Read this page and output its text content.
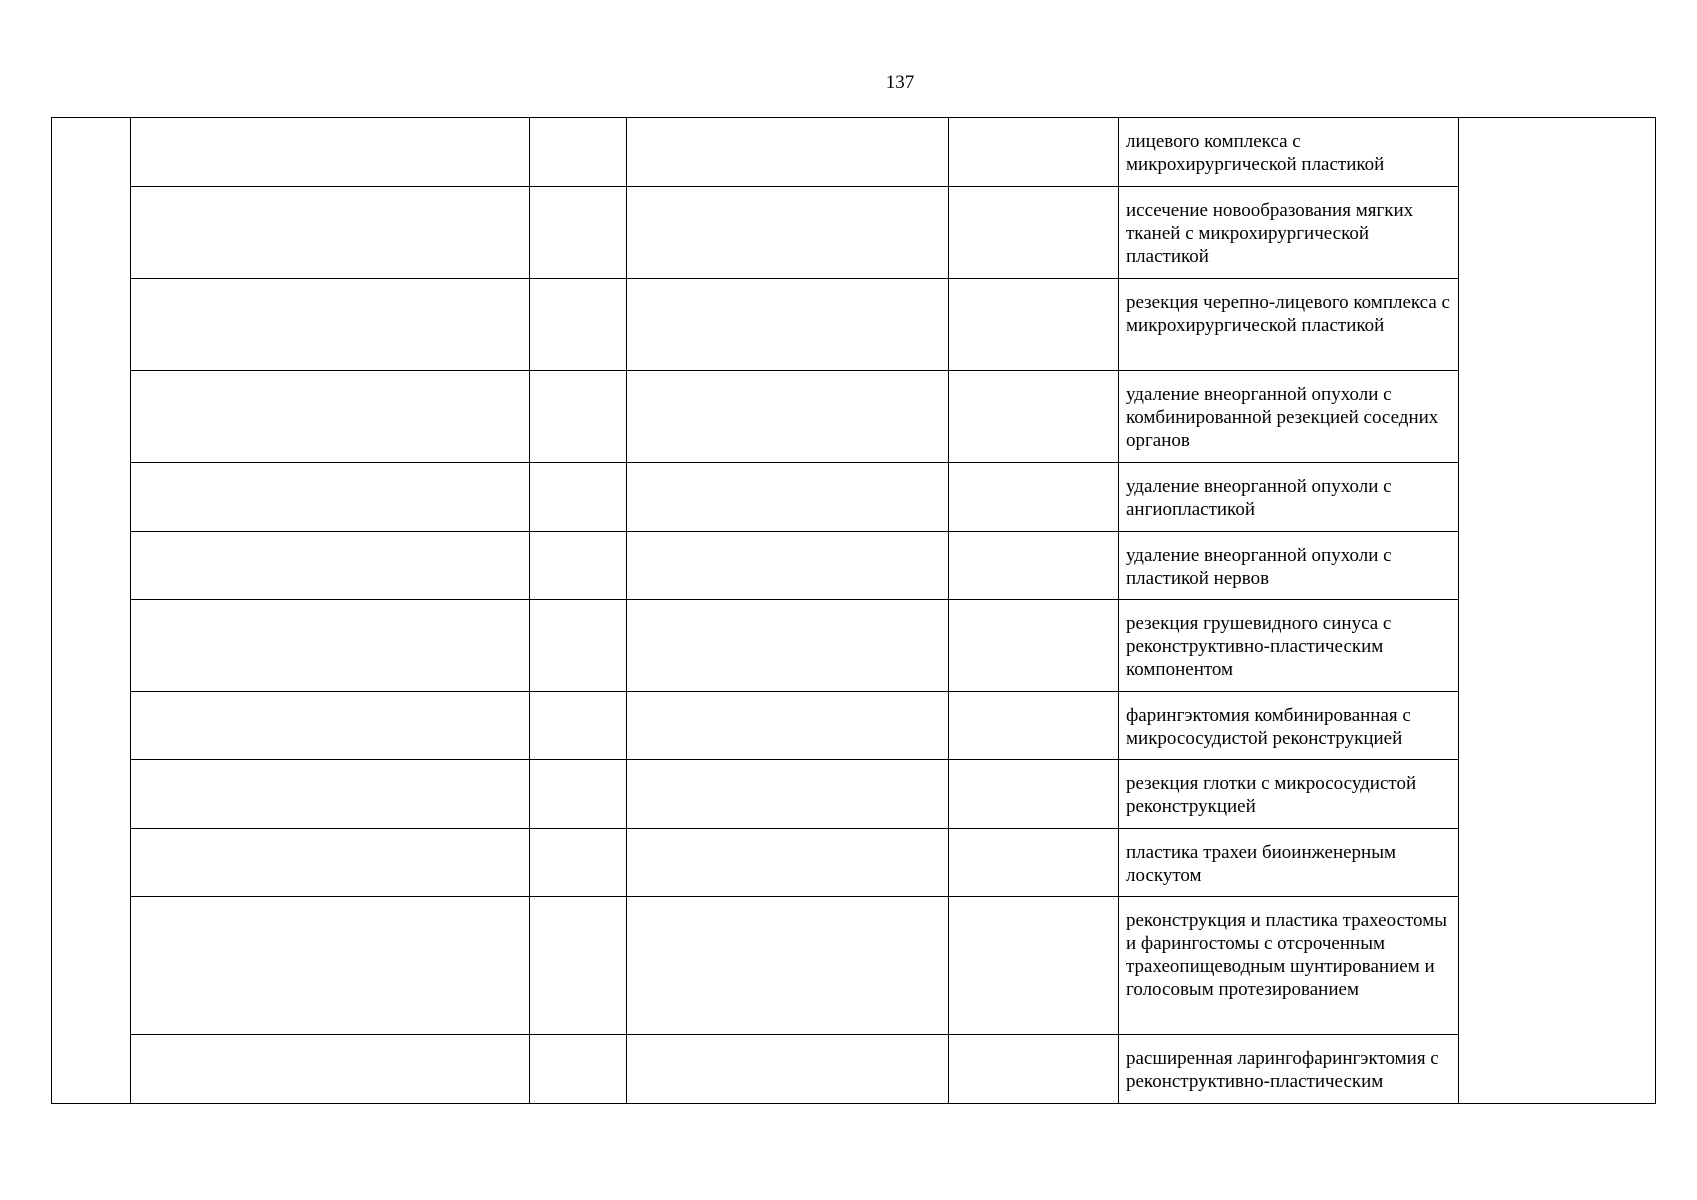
137
					лицевого комплекса с микрохирургической пластикой	
					иссечение новообразования мягких тканей с микрохирургической пластикой	
					резекция черепно-лицевого комплекса с микрохирургической пластикой	
					удаление внеорганной опухоли с комбинированной резекцией соседних органов	
					удаление внеорганной опухоли с ангиопластикой	
					удаление внеорганной опухоли с пластикой нервов	
					резекция грушевидного синуса с реконструктивно-пластическим компонентом	
					фарингэктомия комбинированная с микрососудистой реконструкцией	
					резекция глотки с микрососудистой реконструкцией	
					пластика трахеи биоинженерным лоскутом	
					реконструкция и пластика трахеостомы и фарингостомы с отсроченным трахеопищеводным шунтированием и голосовым протезированием	
					расширенная ларингофарингэктомия с реконструктивно-пластическим	
